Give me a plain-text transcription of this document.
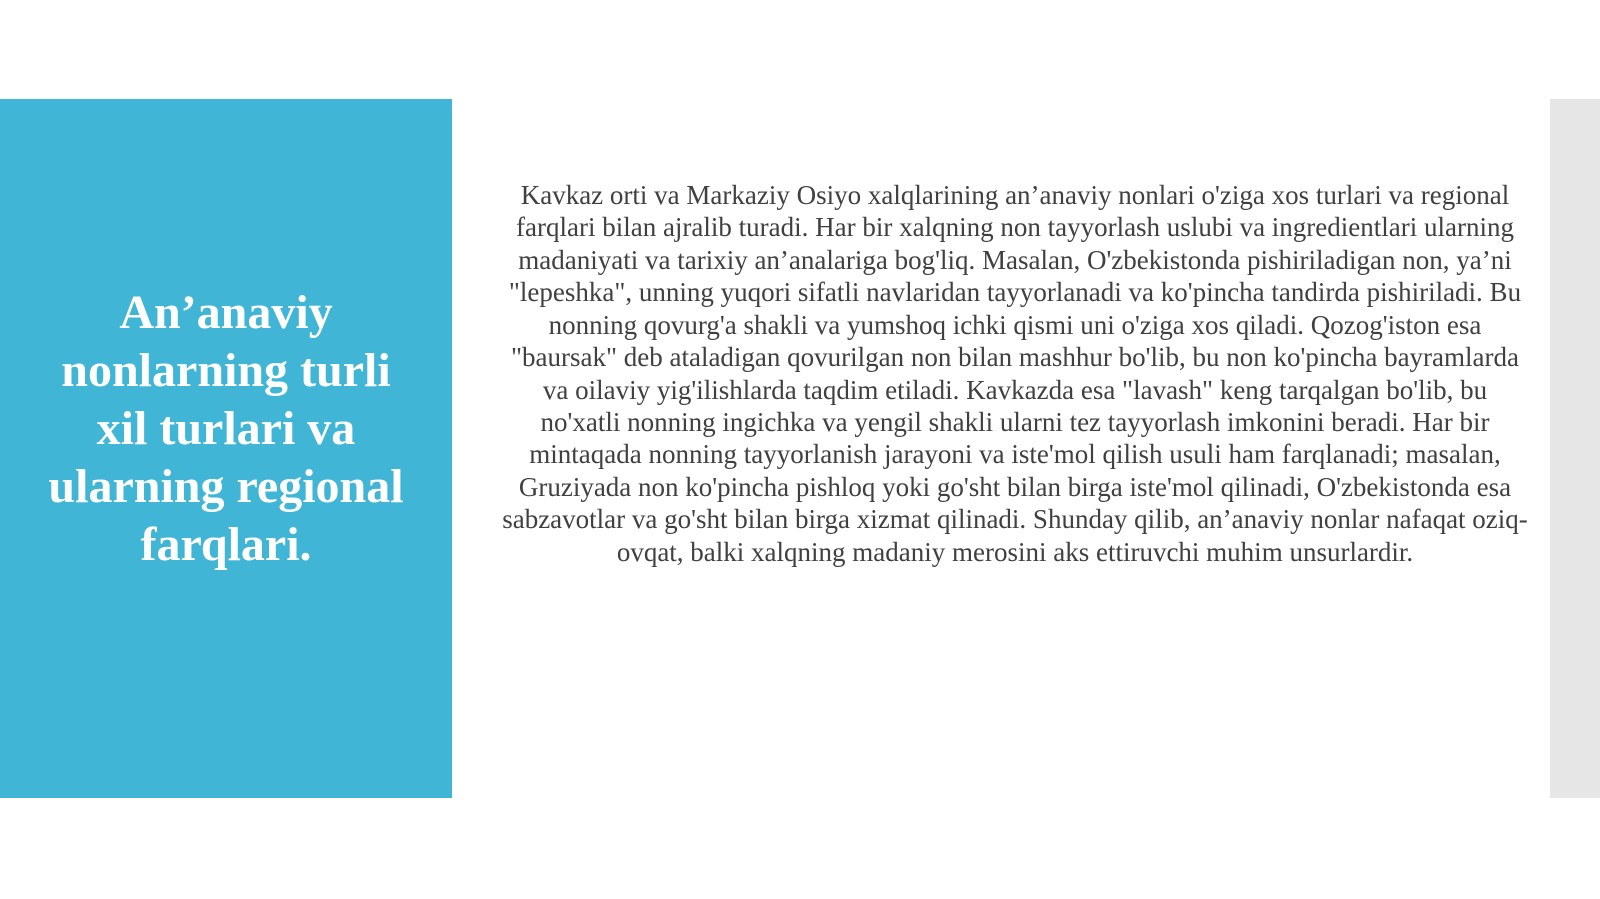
An’anaviy nonlarning turli xil turlari va ularning regional farqlari.

Kavkaz orti va Markaziy Osiyo xalqlarining an’anaviy nonlari o'ziga xos turlari va regional farqlari bilan ajralib turadi. Har bir xalqning non tayyorlash uslubi va ingredientlari ularning madaniyati va tarixiy an’analariga bog'liq. Masalan, O'zbekistonda pishiriladigan non, ya’ni "lepeshka", unning yuqori sifatli navlaridan tayyorlanadi va ko'pincha tandirda pishiriladi. Bu nonning qovurg'a shakli va yumshoq ichki qismi uni o'ziga xos qiladi. Qozog'iston esa "baursak" deb ataladigan qovurilgan non bilan mashhur bo'lib, bu non ko'pincha bayramlarda va oilaviy yig'ilishlarda taqdim etiladi. Kavkazda esa "lavash" keng tarqalgan bo'lib, bu no'xatli nonning ingichka va yengil shakli ularni tez tayyorlash imkonini beradi. Har bir mintaqada nonning tayyorlanish jarayoni va iste'mol qilish usuli ham farqlanadi; masalan, Gruziyada non ko'pincha pishloq yoki go'sht bilan birga iste'mol qilinadi, O'zbekistonda esa sabzavotlar va go'sht bilan birga xizmat qilinadi. Shunday qilib, an’anaviy nonlar nafaqat oziq-ovqat, balki xalqning madaniy merosini aks ettiruvchi muhim unsurlardir.
